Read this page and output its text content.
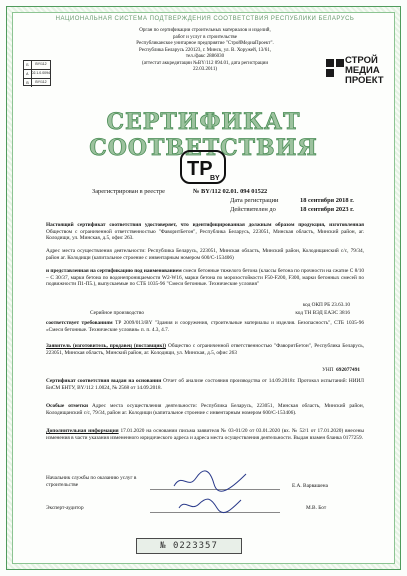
НАЦИОНАЛЬНАЯ СИСТЕМА ПОДТВЕРЖДЕНИЯ СООТВЕТСТВИЯ РЕСПУБЛИКИ БЕЛАРУСЬ
Б	BY/112
А 02.1.0.0094
В	ВY/112
Орган по сертификации строительных материалов и изделий,
работ и услуг в строительстве
Республиканское унитарное предприятие "СтройМедиаПроект".
Республика Беларусь 220123, г. Минск, ул. В. Хоружей, 13/61,
тел./факс 2886030
(аттестат аккредитации №BY/112 094.01, дата регистрации
22.03.2011)
СТРОЙ
МЕДИА
ПРОЕКТ
СЕРТИФИКАТ СООТВЕТСТВИЯ
ТР
BY
Зарегистрирован в реестре	№ BY/112 02.01. 094 01522
Дата регистрации	18 сентября 2018 г.
Действителен до	18 сентября 2023 г.
Настоящий сертификат соответствия удостоверяет, что идентифицированная должным образом продукция, изготовленная Обществом с ограниченной ответственностью "ФаворитБетон", Республика Беларусь, 223051, Минская область, Минский район, аг. Колодищи, ул. Минская, д.5, офис 263.
Адрес места осуществления деятельности: Республика Беларусь, 223051, Минская область, Минский район, Колодищанский с/с, 79/34, район аг. Колодищи (капитальное строение с инвентарным номером 600/С-153406)
и представленная на сертификацию под наименованием смеси бетонные тяжелого бетона (классы бетона по прочности на сжатие С 8/10 – С 30/37, марки бетона по водонепроницаемости W2-W16, марки бетона по морозостойкости F50-F200, F300, марки бетонных смесей по подвижности П1-П5.), выпускаемые по СТБ 1035-96 "Смеси бетонные. Технические условия"
код ОКП РБ 23.63.10
Серийное производство	код ТН ВЭД ЕАЭС 3816
соответствует требованиям ТР 2009/013/BY "Здания и сооружения, строительные материалы и изделия. Безопасность", СТБ 1035-96 «Смеси бетонные. Технические условия» п. п. 4.3, 4.7.
Заявитель (изготовитель, продавец (поставщик)) Общество с ограниченной ответственностью "ФаворитБетон", Республика Беларусь, 223051, Минская область, Минский район, аг. Колодищи, ул. Минская, д.5, офис 263
УНП 692077491
Сертификат соответствия выдан на основании Отчет об анализе состояния производства от 14.09.2018г. Протокол испытаний: НИИЛ БиСМ БНТУ, BY/112 1.0024, № 2568 от 14.09.2018.
Особые отметки Адрес места осуществления деятельности: Республика Беларусь, 223051, Минская область, Минский район, Колодищанский с/с, 79/34, район аг. Колодищи (капитальное строение с инвентарным номером 600/С-153406).
Дополнительная информация 17.01.2020 на основании письма заявителя № 03-01/20 от 03.01.2020 (вх. № 52/1 от 17.01.2020) внесены изменения в части указания измененного юридического адреса и адреса места осуществления деятельности. Выдан взамен бланка 0177259.
Начальник службы по оказанию услуг в
строительстве	Е.А. Варвашена
Эксперт-аудитор	М.В. Бот
№ 0223357
